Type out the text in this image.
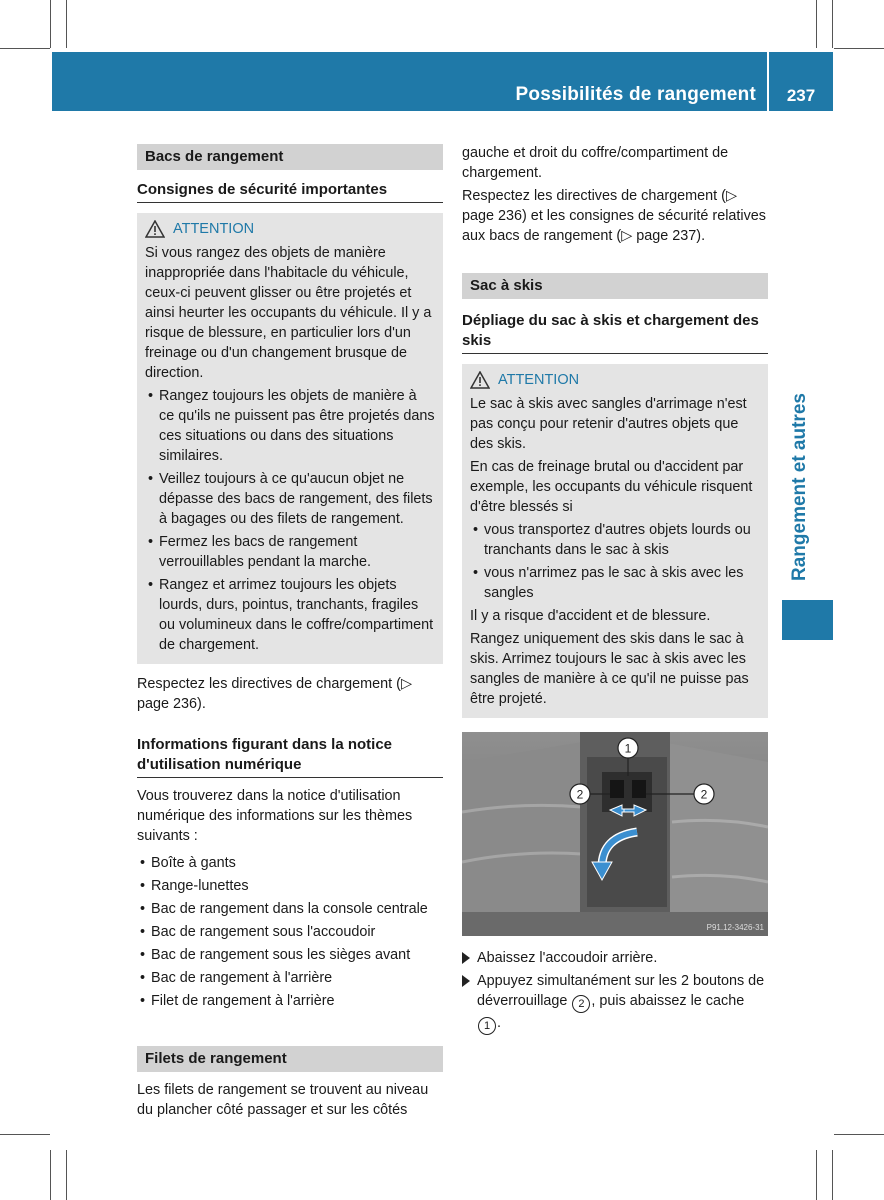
Possibilités de rangement	237
Rangement et autres
Bacs de rangement
Consignes de sécurité importantes
ATTENTION

Si vous rangez des objets de manière inappropriée dans l'habitacle du véhicule, ceux-ci peuvent glisser ou être projetés et ainsi heurter les occupants du véhicule. Il y a risque de blessure, en particulier lors d'un freinage ou d'un changement brusque de direction.

• Rangez toujours les objets de manière à ce qu'ils ne puissent pas être projetés dans ces situations ou dans des situations similaires.
• Veillez toujours à ce qu'aucun objet ne dépasse des bacs de rangement, des filets à bagages ou des filets de rangement.
• Fermez les bacs de rangement verrouillables pendant la marche.
• Rangez et arrimez toujours les objets lourds, durs, pointus, tranchants, fragiles ou volumineux dans le coffre/compartiment de chargement.

Respectez les directives de chargement (▷ page 236).

Informations figurant dans la notice d'utilisation numérique

Vous trouverez dans la notice d'utilisation numérique des informations sur les thèmes suivants :

• Boîte à gants
• Range-lunettes
• Bac de rangement dans la console centrale
• Bac de rangement sous l'accoudoir
• Bac de rangement sous les sièges avant
• Bac de rangement à l'arrière
• Filet de rangement à l'arrière
Filets de rangement

Les filets de rangement se trouvent au niveau du plancher côté passager et sur les côtés

gauche et droit du coffre/compartiment de chargement.

Respectez les directives de chargement (▷ page 236) et les consignes de sécurité relatives aux bacs de rangement (▷ page 237).

Sac à skis
Dépliage du sac à skis et chargement des skis
ATTENTION

Le sac à skis avec sangles d'arrimage n'est pas conçu pour retenir d'autres objets que des skis.

En cas de freinage brutal ou d'accident par exemple, les occupants du véhicule risquent d'être blessés si

• vous transportez d'autres objets lourds ou tranchants dans le sac à skis
• vous n'arrimez pas le sac à skis avec les sangles

Il y a risque d'accident et de blessure.

Rangez uniquement des skis dans le sac à skis. Arrimez toujours le sac à skis avec les sangles de manière à ce qu'il ne puisse pas être projeté.

1
2	2
P91.12-3426-31
Abaissez l'accoudoir arrière.
Appuyez simultanément sur les 2 boutons de déverrouillage 2 , puis abaissez le cache 1 .
